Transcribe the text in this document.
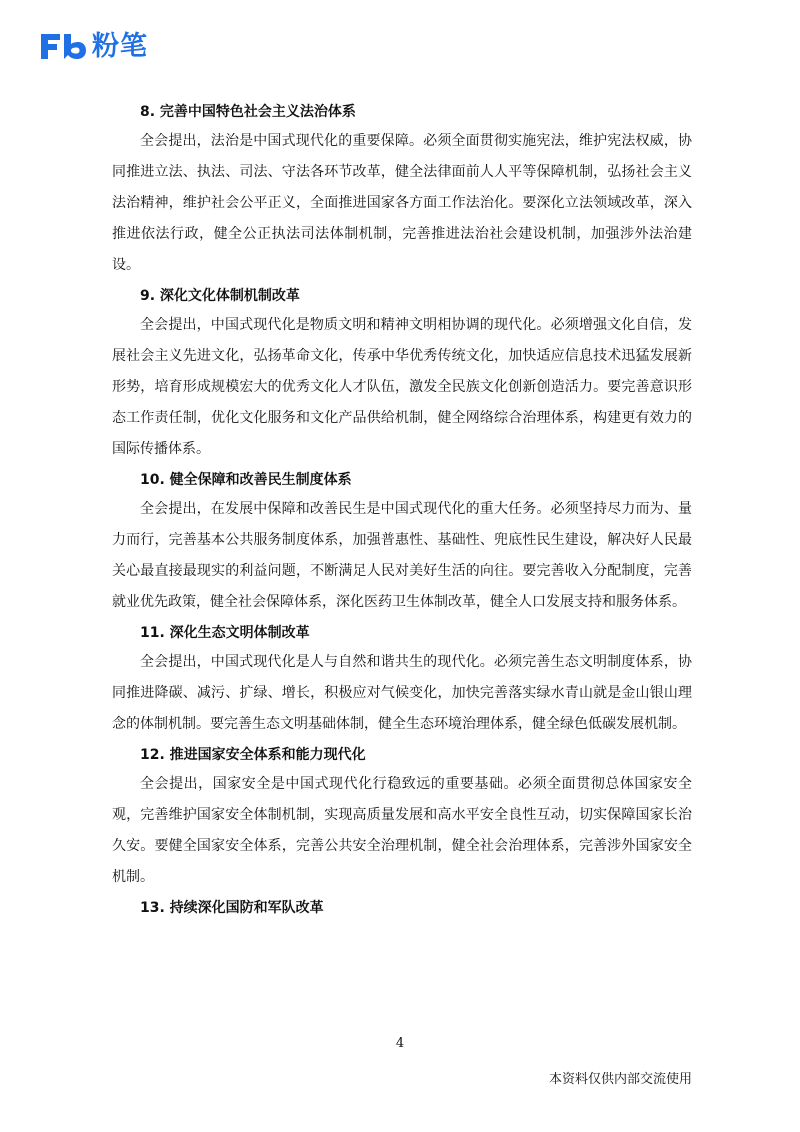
粉笔

8. 完善中国特色社会主义法治体系

全会提出，法治是中国式现代化的重要保障。必须全面贯彻实施宪法，维护宪法权威，协同推进立法、执法、司法、守法各环节改革，健全法律面前人人平等保障机制，弘扬社会主义法治精神，维护社会公平正义，全面推进国家各方面工作法治化。要深化立法领域改革，深入推进依法行政，健全公正执法司法体制机制，完善推进法治社会建设机制，加强涉外法治建设。

9. 深化文化体制机制改革

全会提出，中国式现代化是物质文明和精神文明相协调的现代化。必须增强文化自信，发展社会主义先进文化，弘扬革命文化，传承中华优秀传统文化，加快适应信息技术迅猛发展新形势，培育形成规模宏大的优秀文化人才队伍，激发全民族文化创新创造活力。要完善意识形态工作责任制，优化文化服务和文化产品供给机制，健全网络综合治理体系，构建更有效力的国际传播体系。

10. 健全保障和改善民生制度体系

全会提出，在发展中保障和改善民生是中国式现代化的重大任务。必须坚持尽力而为、量力而行，完善基本公共服务制度体系，加强普惠性、基础性、兜底性民生建设，解决好人民最关心最直接最现实的利益问题，不断满足人民对美好生活的向往。要完善收入分配制度，完善就业优先政策，健全社会保障体系，深化医药卫生体制改革，健全人口发展支持和服务体系。

11. 深化生态文明体制改革

全会提出，中国式现代化是人与自然和谐共生的现代化。必须完善生态文明制度体系，协同推进降碳、减污、扩绿、增长，积极应对气候变化，加快完善落实绿水青山就是金山银山理念的体制机制。要完善生态文明基础体制，健全生态环境治理体系，健全绿色低碳发展机制。

12. 推进国家安全体系和能力现代化

全会提出，国家安全是中国式现代化行稳致远的重要基础。必须全面贯彻总体国家安全观，完善维护国家安全体制机制，实现高质量发展和高水平安全良性互动，切实保障国家长治久安。要健全国家安全体系，完善公共安全治理机制，健全社会治理体系，完善涉外国家安全机制。

13. 持续深化国防和军队改革

4
本资料仅供内部交流使用
